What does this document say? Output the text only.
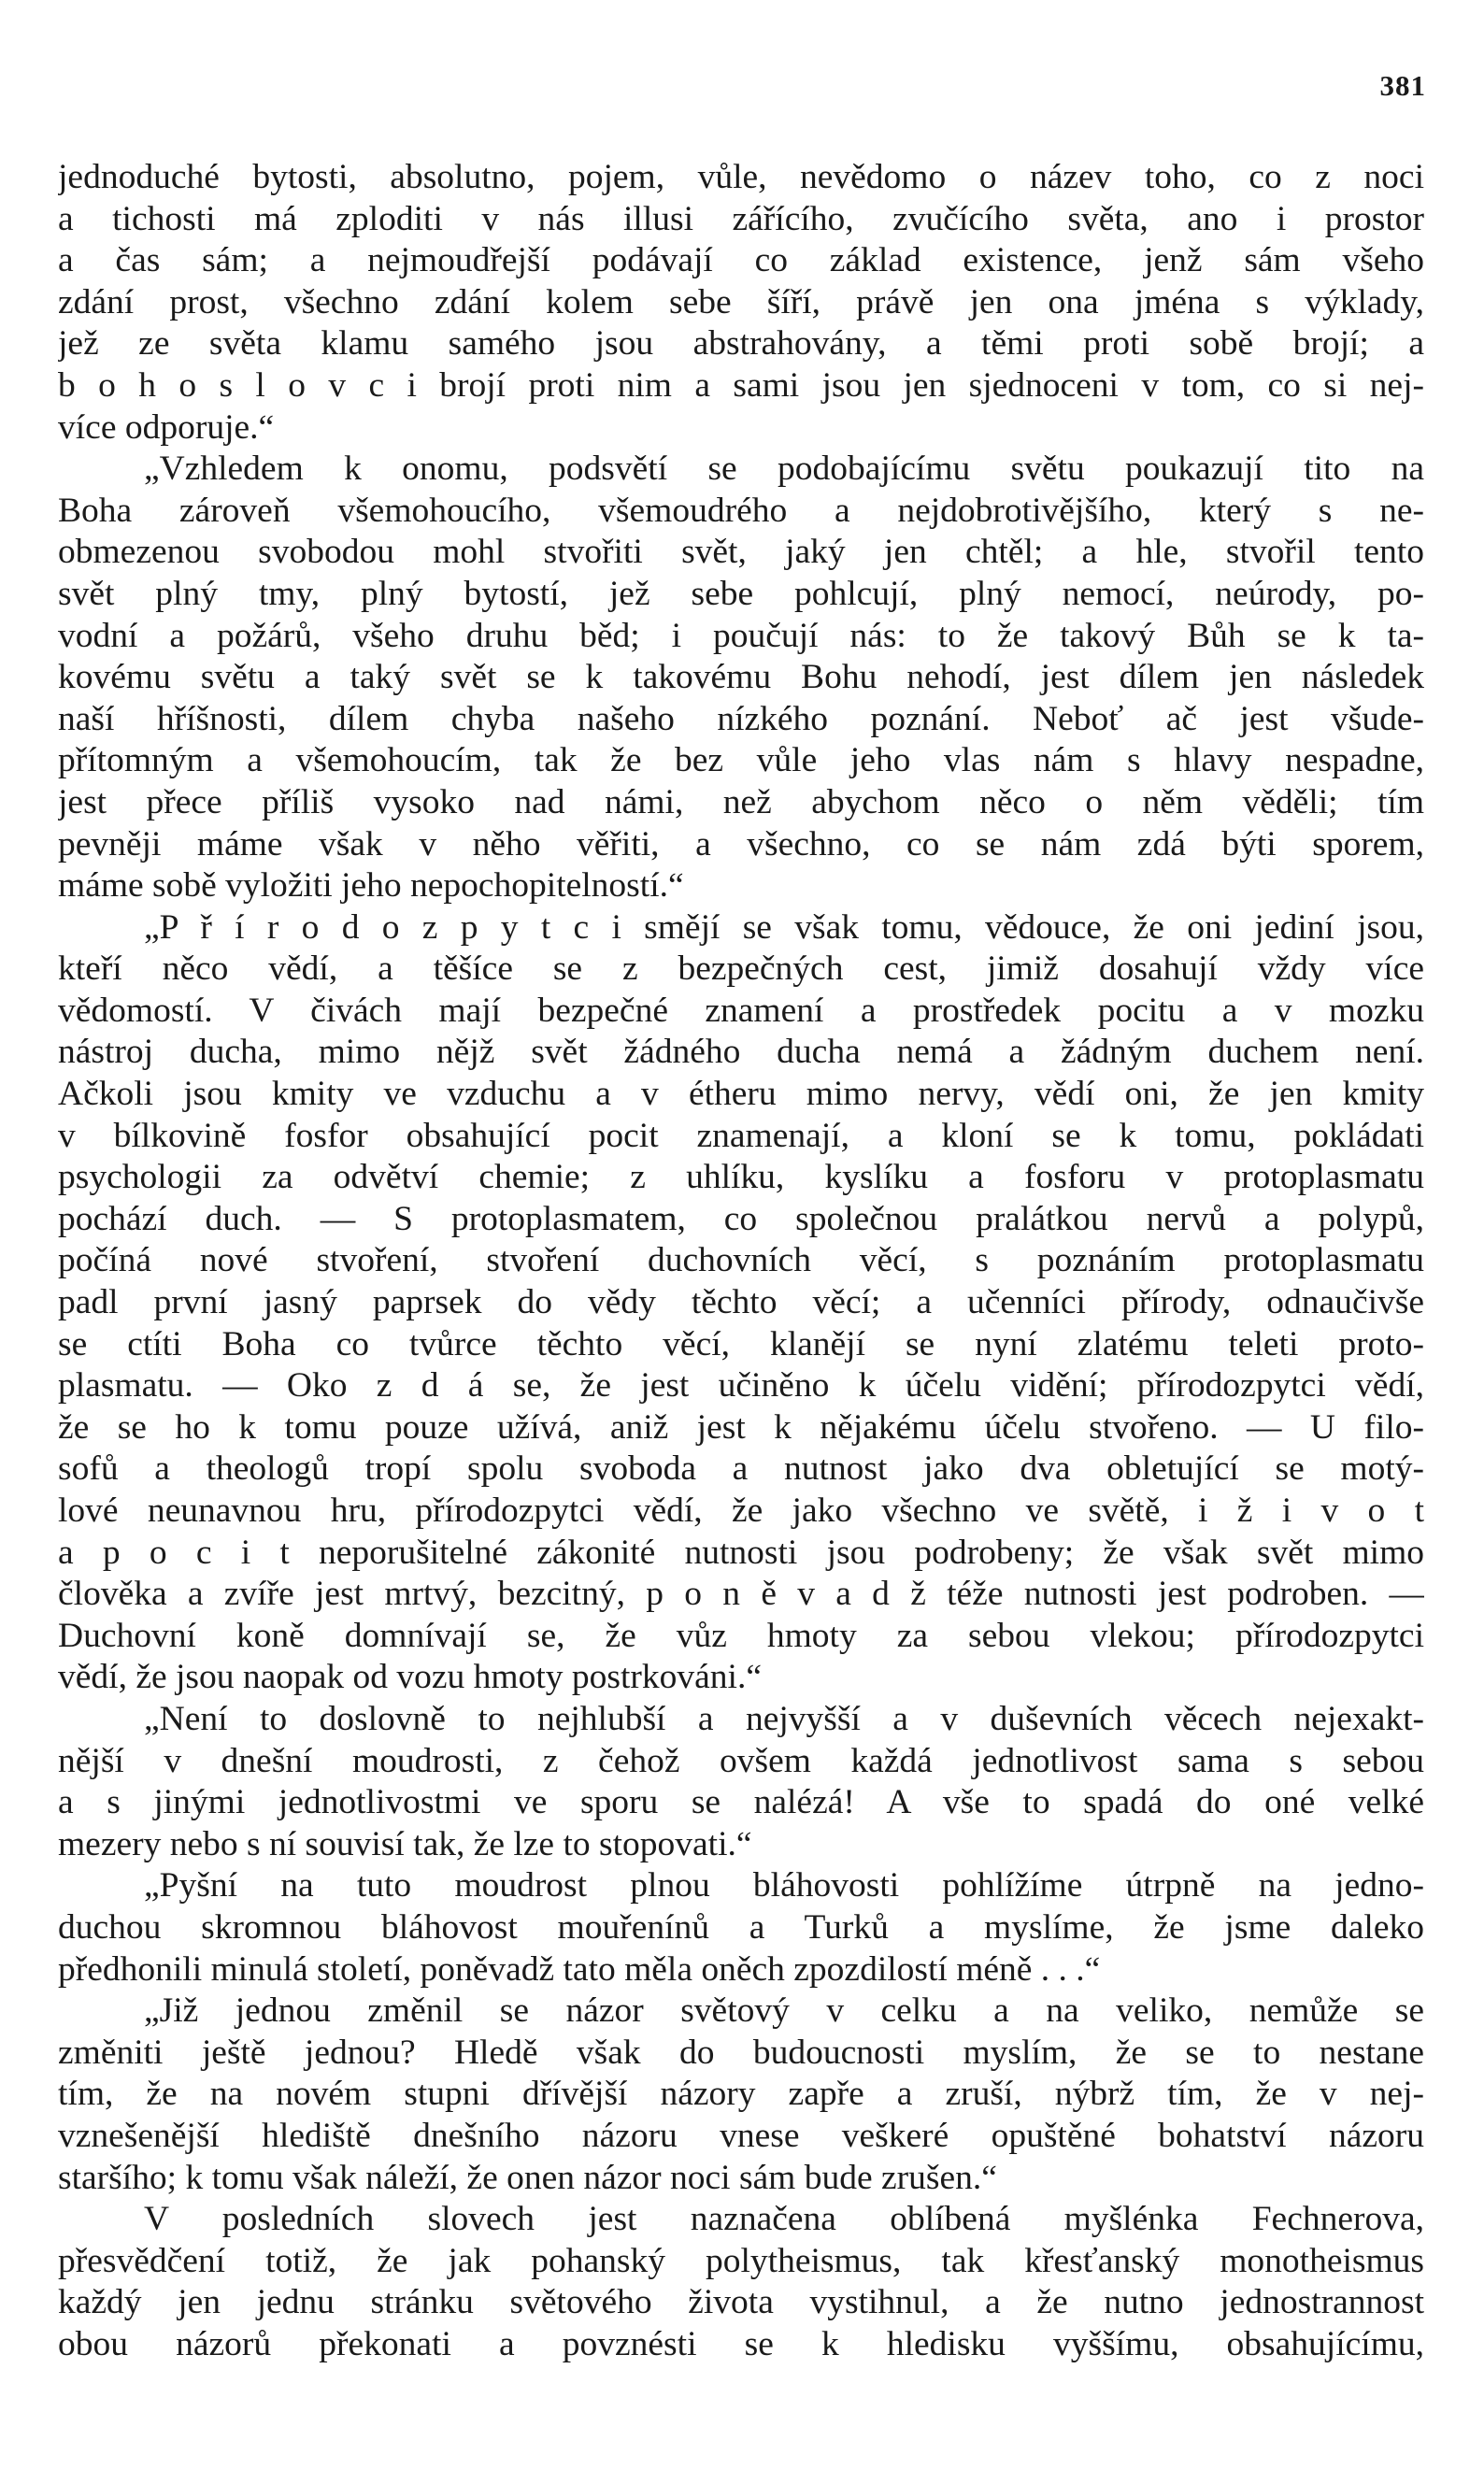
381
jednoduché bytosti, absolutno, pojem, vůle, nevědomo o název toho, co z noci
a tichosti má zploditi v nás illusi zářícího, zvučícího světa, ano i prostor
a čas sám; a nejmoudřejší podávají co základ existence, jenž sám všeho
zdání prost, všechno zdání kolem sebe šíří, právě jen ona jména s výklady,
jež ze světa klamu samého jsou abstrahovány, a těmi proti sobě brojí; a
b o h o s l o v c i brojí proti nim a sami jsou jen sjednoceni v tom, co si nej-
více odporuje.“
„Vzhledem k onomu, podsvětí se podobajícímu světu poukazují tito na
Boha zároveň všemohoucího, všemoudrého a nejdobrotivějšího, který s ne-
obmezenou svobodou mohl stvořiti svět, jaký jen chtěl; a hle, stvořil tento
svět plný tmy, plný bytostí, jež sebe pohlcují, plný nemocí, neúrody, po-
vodní a požárů, všeho druhu běd; i poučují nás: to že takový Bůh se k ta-
kovému světu a taký svět se k takovému Bohu nehodí, jest dílem jen následek
naší hříšnosti, dílem chyba našeho nízkého poznání. Neboť ač jest všude-
přítomným a všemohoucím, tak že bez vůle jeho vlas nám s hlavy nespadne,
jest přece příliš vysoko nad námi, než abychom něco o něm věděli; tím
pevněji máme však v něho věřiti, a všechno, co se nám zdá býti sporem,
máme sobě vyložiti jeho nepochopitelností.“
„P ř í r o d o z p y t c i smějí se však tomu, vědouce, že oni jediní jsou,
kteří něco vědí, a těšíce se z bezpečných cest, jimiž dosahují vždy více
vědomostí. V čivách mají bezpečné znamení a prostředek pocitu a v mozku
nástroj ducha, mimo nějž svět žádného ducha nemá a žádným duchem není.
Ačkoli jsou kmity ve vzduchu a v étheru mimo nervy, vědí oni, že jen kmity
v bílkovině fosfor obsahující pocit znamenají, a kloní se k tomu, pokládati
psychologii za odvětví chemie; z uhlíku, kyslíku a fosforu v protoplasmatu
pochází duch. — S protoplasmatem, co společnou pralátkou nervů a polypů,
počíná nové stvoření, stvoření duchovních věcí, s poznáním protoplasmatu
padl první jasný paprsek do vědy těchto věcí; a učenníci přírody, odnaučivše
se ctíti Boha co tvůrce těchto věcí, klanějí se nyní zlatému teleti proto-
plasmatu. — Oko z d á se, že jest učiněno k účelu vidění; přírodozpytci vědí,
že se ho k tomu pouze užívá, aniž jest k nějakému účelu stvořeno. — U filo-
sofů a theologů tropí spolu svoboda a nutnost jako dva obletující se motý-
lové neunavnou hru, přírodozpytci vědí, že jako všechno ve světě, i ž i v o t
a p o c i t neporušitelné zákonité nutnosti jsou podrobeny; že však svět mimo
člověka a zvíře jest mrtvý, bezcitný, p o n ě v a d ž téže nutnosti jest podroben. —
Duchovní koně domnívají se, že vůz hmoty za sebou vlekou; přírodozpytci
vědí, že jsou naopak od vozu hmoty postrkováni.“
„Není to doslovně to nejhlubší a nejvyšší a v duševních věcech nejexakt-
nější v dnešní moudrosti, z čehož ovšem každá jednotlivost sama s sebou
a s jinými jednotlivostmi ve sporu se nalézá! A vše to spadá do oné velké
mezery nebo s ní souvisí tak, že lze to stopovati.“
„Pyšní na tuto moudrost plnou bláhovosti pohlížíme útrpně na jedno-
duchou skromnou bláhovost mouřenínů a Turků a myslíme, že jsme daleko
předhonili minulá století, poněvadž tato měla oněch zpozdilostí méně . . .“
„Již jednou změnil se názor světový v celku a na veliko, nemůže se
změniti ještě jednou? Hledě však do budoucnosti myslím, že se to nestane
tím, že na novém stupni dřívější názory zapře a zruší, nýbrž tím, že v nej-
vznešenější hlediště dnešního názoru vnese veškeré opuštěné bohatství názoru
staršího; k tomu však náleží, že onen názor noci sám bude zrušen.“
V posledních slovech jest naznačena oblíbená myšlénka Fechnerova,
přesvědčení totiž, že jak pohanský polytheismus, tak křesťanský monotheismus
každý jen jednu stránku světového života vystihnul, a že nutno jednostrannost
obou názorů překonati a povznésti se k hledisku vyššímu, obsahujícímu,
